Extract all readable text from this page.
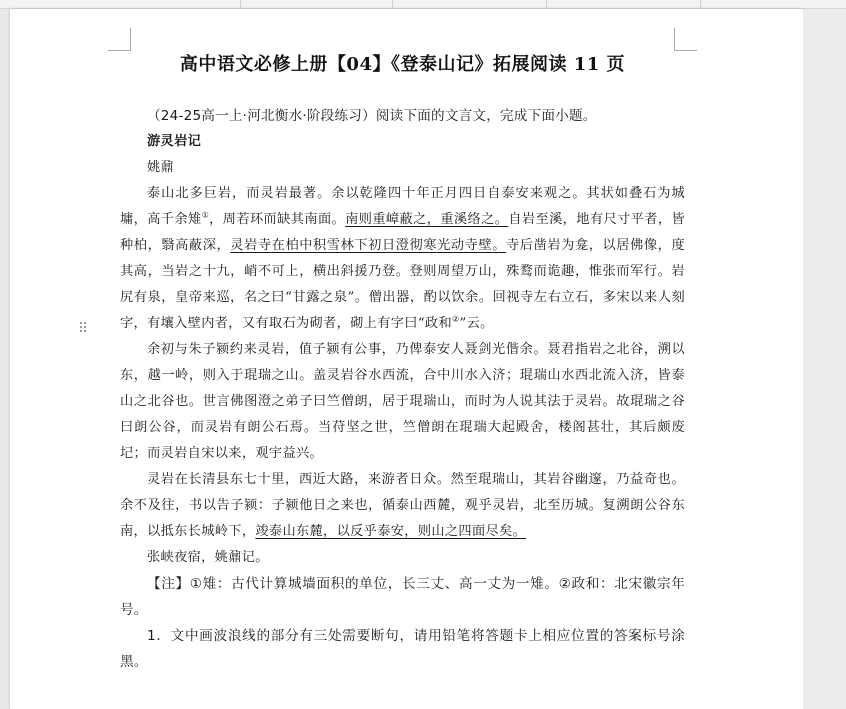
⠿
高中语文必修上册【04】《登泰山记》拓展阅读 11 页

（24-25高一上·河北衡水·阶段练习）阅读下面的文言文，完成下面小题。

游灵岩记

姚鼐

泰山北多巨岩，而灵岩最著。余以乾隆四十年正月四日自泰安来观之。其状如叠石为城墉，高千余雉①，周若环而缺其南面。南则重嶂蔽之，重溪络之。自岩至溪，地有尺寸平者，皆种柏，翳高蔽深，灵岩寺在柏中积雪林下初日澄彻寒光动寺壁。寺后凿岩为龛，以居佛像，度其高，当岩之十九，峭不可上，横出斜援乃登。登则周望万山，殊鹜而诡趣，惟张而军行。岩尻有泉，皇帝来巡，名之曰“甘露之泉”。僧出器，酌以饮余。回视寺左右立石，多宋以来人刻字，有壤入壁内者，又有取石为砌者，砌上有字曰“政和②”云。

余初与朱子颍约来灵岩，值子颍有公事，乃俾泰安人聂剑光偕余。聂君指岩之北谷，溯以东，越一岭，则入于琨瑞之山。盖灵岩谷水西流，合中川水入济；琨瑞山水西北流入济，皆泰山之北谷也。世言佛图澄之弟子曰竺僧朗，居于琨瑞山，而时为人说其法于灵岩。故琨瑞之谷曰朗公谷，而灵岩有朗公石焉。当苻坚之世，竺僧朗在琨瑞大起殿舍，楼阁甚壮，其后颇废圮；而灵岩自宋以来，观宇益兴。

灵岩在长清县东七十里，西近大路，来游者日众。然至琨瑞山，其岩谷幽邃，乃益奇也。余不及往，书以告子颍：子颍他日之来也，循泰山西麓，观乎灵岩，北至历城。复溯朗公谷东南，以抵东长城岭下，竣泰山东麓，以反乎泰安，则山之四面尽矣。

张峡夜宿，姚鼐记。

【注】①雉：古代计算城墙面积的单位，长三丈、高一丈为一雉。②政和：北宋徽宗年号。

1．文中画波浪线的部分有三处需要断句，请用铅笔将答题卡上相应位置的答案标号涂黑。
